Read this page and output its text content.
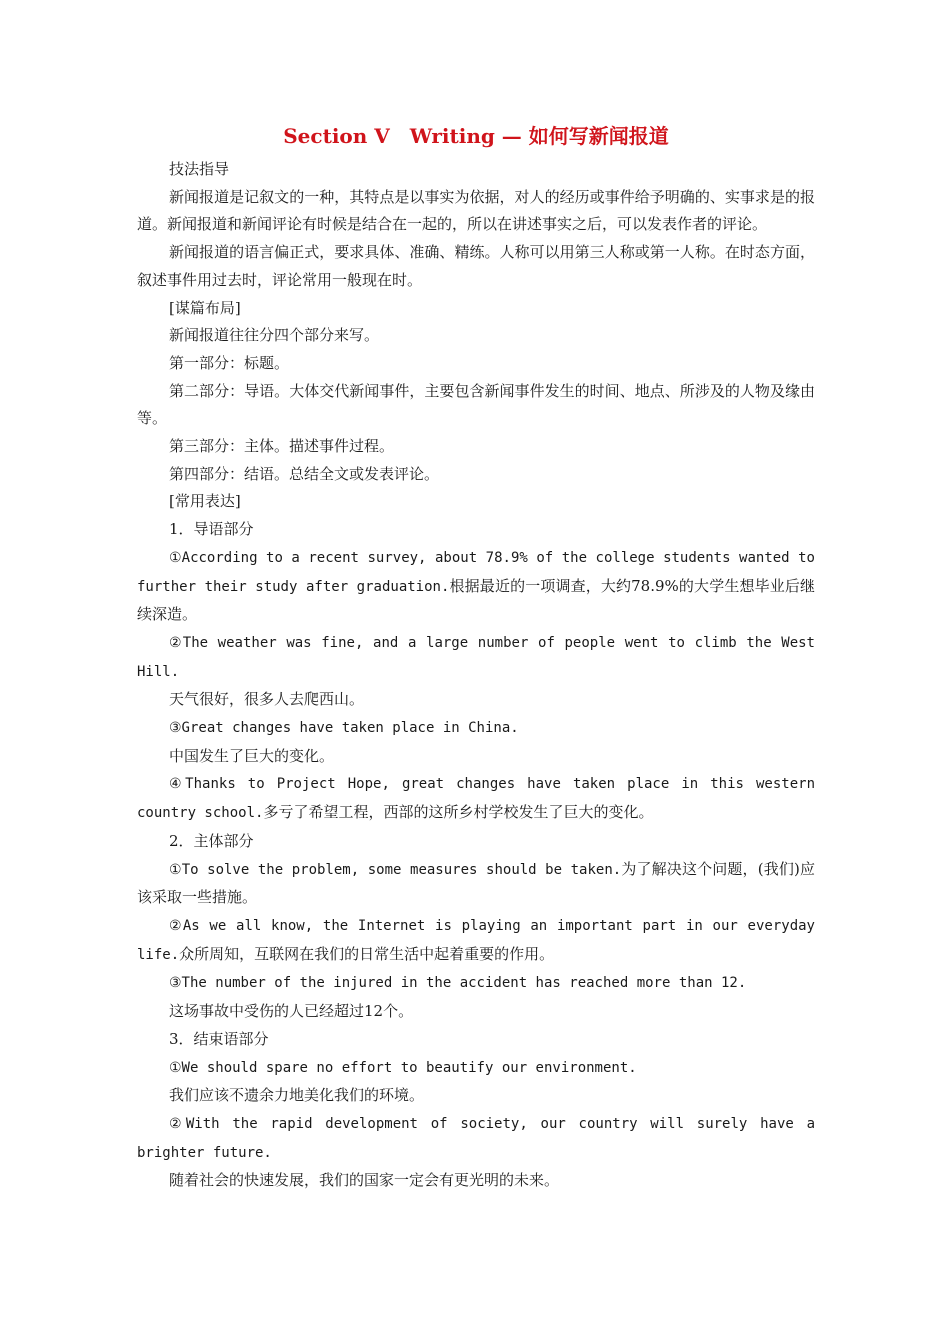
Section Ⅴ Writing — 如何写新闻报道

技法指导

新闻报道是记叙文的一种，其特点是以事实为依据，对人的经历或事件给予明确的、实事求是的报道。新闻报道和新闻评论有时候是结合在一起的，所以在讲述事实之后，可以发表作者的评论。

新闻报道的语言偏正式，要求具体、准确、精练。人称可以用第三人称或第一人称。在时态方面，叙述事件用过去时，评论常用一般现在时。

[谋篇布局]

新闻报道往往分四个部分来写。

第一部分：标题。

第二部分：导语。大体交代新闻事件，主要包含新闻事件发生的时间、地点、所涉及的人物及缘由等。

第三部分：主体。描述事件过程。

第四部分：结语。总结全文或发表评论。

[常用表达]

1．导语部分

①According to a recent survey, about 78.9% of the college students wanted to further their study after graduation.根据最近的一项调查，大约78.9%的大学生想毕业后继续深造。

②The weather was fine, and a large number of people went to climb the West Hill.

天气很好，很多人去爬西山。

③Great changes have taken place in China.

中国发生了巨大的变化。

④Thanks to Project Hope, great changes have taken place in this western country school.多亏了希望工程，西部的这所乡村学校发生了巨大的变化。

2．主体部分

①To solve the problem, some measures should be taken.为了解决这个问题，(我们)应该采取一些措施。

②As we all know, the Internet is playing an important part in our everyday life.众所周知，互联网在我们的日常生活中起着重要的作用。

③The number of the injured in the accident has reached more than 12.

这场事故中受伤的人已经超过12个。

3．结束语部分

①We should spare no effort to beautify our environment.

我们应该不遗余力地美化我们的环境。

②With the rapid development of society, our country will surely have a brighter future.

随着社会的快速发展，我们的国家一定会有更光明的未来。
